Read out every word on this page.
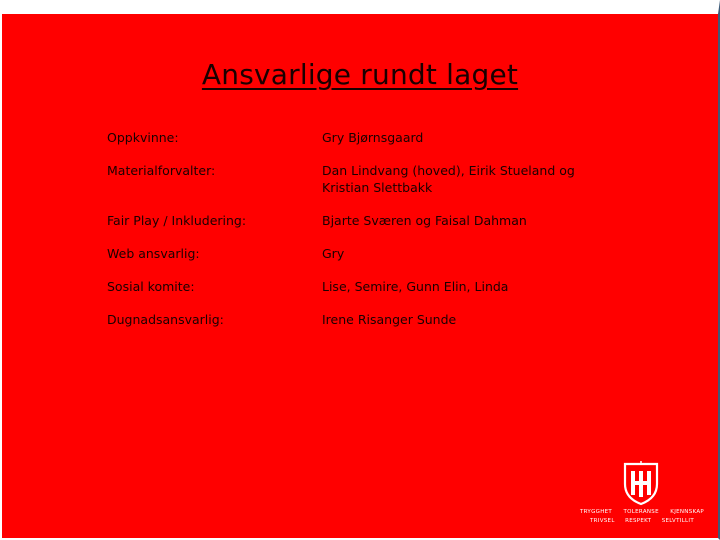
Ansvarlige rundt laget
Oppkvinne:	Gry Bjørnsgaard
Materialforvalter:	Dan Lindvang (hoved), Eirik Stueland og Kristian Slettbakk
Fair Play / Inkludering:	Bjarte Sværen og Faisal Dahman
Web ansvarlig:	Gry
Sosial komite:	Lise, Semire, Gunn Elin, Linda
Dugnadsansvarlig:	Irene Risanger Sunde
TRYGGHET TOLERANSE KJENNSKAP
TRIVSEL RESPEKT SELVTILLIT
